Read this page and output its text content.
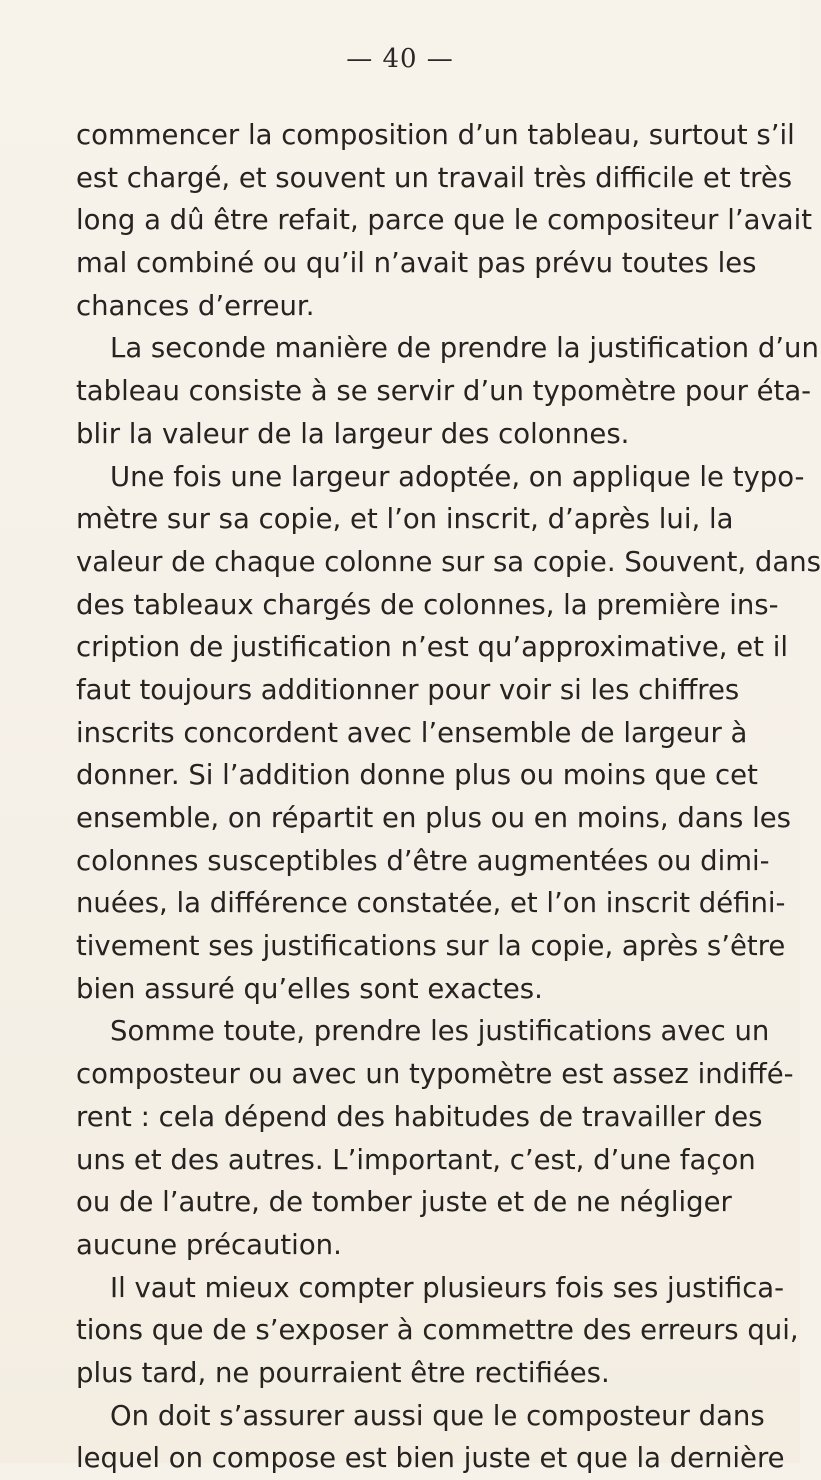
— 40 —
commencer la composition d’un tableau, surtout s’il
est chargé, et souvent un travail très difficile et très
long a dû être refait, parce que le compositeur l’avait
mal combiné ou qu’il n’avait pas prévu toutes les
chances d’erreur.
La seconde manière de prendre la justification d’un
tableau consiste à se servir d’un typomètre pour éta-
blir la valeur de la largeur des colonnes.
Une fois une largeur adoptée, on applique le typo-
mètre sur sa copie, et l’on inscrit, d’après lui, la
valeur de chaque colonne sur sa copie. Souvent, dans
des tableaux chargés de colonnes, la première ins-
cription de justification n’est qu’approximative, et il
faut toujours additionner pour voir si les chiffres
inscrits concordent avec l’ensemble de largeur à
donner. Si l’addition donne plus ou moins que cet
ensemble, on répartit en plus ou en moins, dans les
colonnes susceptibles d’être augmentées ou dimi-
nuées, la différence constatée, et l’on inscrit défini-
tivement ses justifications sur la copie, après s’être
bien assuré qu’elles sont exactes.
Somme toute, prendre les justifications avec un
composteur ou avec un typomètre est assez indiffé-
rent : cela dépend des habitudes de travailler des
uns et des autres. L’important, c’est, d’une façon
ou de l’autre, de tomber juste et de ne négliger
aucune précaution.
Il vaut mieux compter plusieurs fois ses justifica-
tions que de s’exposer à commettre des erreurs qui,
plus tard, ne pourraient être rectifiées.
On doit s’assurer aussi que le composteur dans
lequel on compose est bien juste et que la dernière
